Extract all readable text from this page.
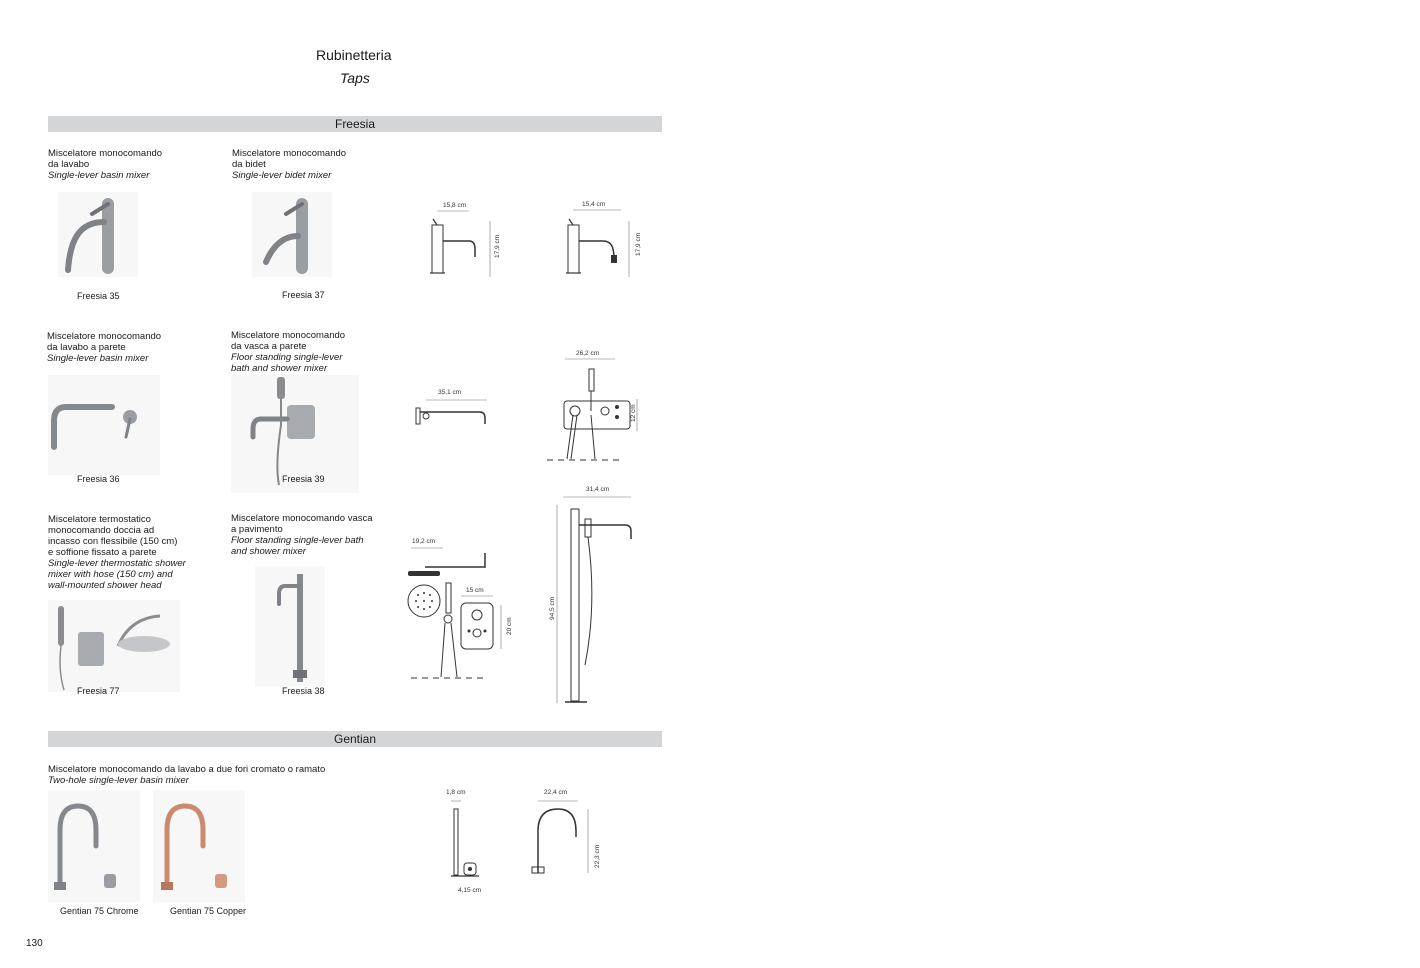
Rubinetteria
Taps
Freesia
Gentian
Miscelatore monocomando
da lavabo
Single-lever basin mixer
Miscelatore monocomando
da bidet
Single-lever bidet mixer
Freesia 35	Freesia 37
15,8 cm
17,9 cm
15,4 cm
17,9 cm
Miscelatore monocomando
da lavabo a parete
Single-lever basin mixer
Miscelatore monocomando
da vasca a parete
Floor standing single-lever
bath and shower mixer
Freesia 36	Freesia 39
35,1 cm
26,2 cm
12 cm
Miscelatore termostatico
monocomando doccia ad
incasso con flessibile (150 cm)
e soffione fissato a parete
Single-lever thermostatic shower
mixer with hose (150 cm) and
wall-mounted shower head
Miscelatore monocomando vasca
a pavimento
Floor standing single-lever bath
and shower mixer
Freesia 77	Freesia 38
19,2 cm
15 cm
20 cm
31,4 cm
94,5 cm
Miscelatore monocomando da lavabo a due fori cromato o ramato
Two-hole single-lever basin mixer
Gentian 75 Chrome	Gentian 75 Copper
1,8 cm
4,15 cm
22,4 cm
22,3 cm
130
